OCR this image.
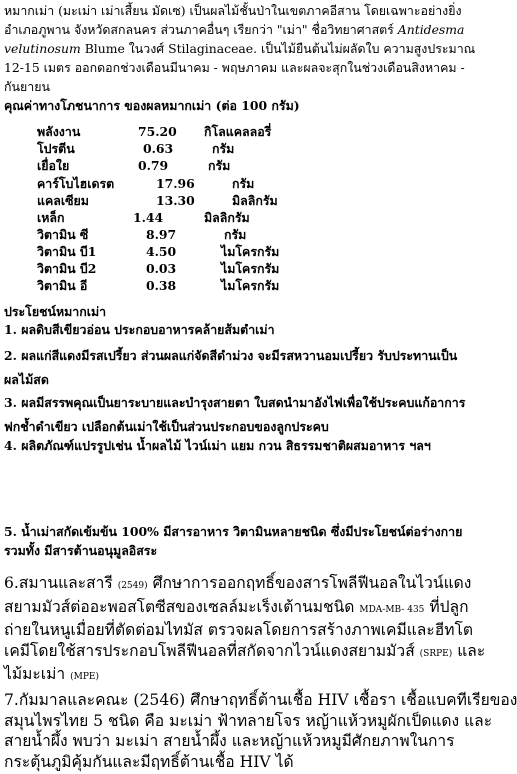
หมากเม่า (มะเม่า เม่าเสี้ยน มัดเซ) เป็นผลไม้ชั้นป่าในเขตภาคอีสาน โดยเฉพาะอย่างยิ่ง
อำเภอภูพาน จังหวัดสกลนคร ส่วนภาคอื่นๆ เรียกว่า "เม่า" ชื่อวิทยาศาสตร์ Antidesma
velutinosum Blume ในวงศ์ Stilaginaceae. เป็นไม้ยืนต้นไม่ผลัดใบ ความสูงประมาณ
12-15 เมตร ออกดอกช่วงเดือนมีนาคม - พฤษภาคม และผลจะสุกในช่วงเดือนสิงหาคม -
กันยายน

คุณค่าทางโภชนาการ ของผลหมากเม่า (ต่อ 100 กรัม)
พลังงาน	75.20 กิโลแคลลอรี่
โปรตีน	0.63	กรัม
เยื่อใย	0.79	กรัม
คาร์โบไฮเดรต	17.96	กรัม
แคลเซียม	13.30	มิลลิกรัม
เหล็ก	1.44	มิลลิกรัม
วิตามิน ซี	8.97	กรัม
วิตามิน บี1	4.50	ไมโครกรัม
วิตามิน บี2	0.03	ไมโครกรัม
วิตามิน อี	0.38	ไมโครกรัม
ประโยชน์หมากเม่า

1. ผลดิบสีเขียวอ่อน ประกอบอาหารคล้ายส้มตำเม่า

2. ผลแก่สีแดงมีรสเปรี้ยว ส่วนผลแก่จัดสีดำม่วง จะมีรสหวานอมเปรี้ยว รับประทานเป็น
ผลไม้สด

3. ผลมีสรรพคุณเป็นยาระบายและบำรุงสายตา ใบสดนำมาอังไฟเพื่อใช้ประคบแก้อาการ
ฟกช้ำดำเขียว เปลือกต้นเม่าใช้เป็นส่วนประกอบของลูกประคบ

4. ผลิตภัณฑ์แปรรูปเช่น น้ำผลไม้ ไวน์เม่า แยม กวน สิธรรมชาติผสมอาหาร ฯลฯ

5. น้ำเม่าสกัดเข้มข้น 100% มีสารอาหาร วิตามินหลายชนิด ซึ่งมีประโยชน์ต่อร่างกาย
รวมทั้ง มีสารต้านอนุมูลอิสระ

6.สมานและสารี (2549) ศึกษาการออกฤทธิ์ของสารโพลีฟีนอลในไวน์แดง
สยามมัวส์ต่ออะพอสโตซีสของเซลล์มะเร็งเต้านมชนิด MDA-MB- 435 ที่ปลูก
ถ่ายในหนูเมื่อยที่ตัดต่อมไทมัส ตรวจผลโดยการสร้างภาพเคมีและฮีทโต
เคมีโดยใช้สารประกอบโพลีฟีนอลที่สกัดจากไวน์แดงสยามมัวส์ (SRPE) และ
ไม้มะเม่า (MPE)

7.กัมมาลและคณะ (2546) ศึกษาฤทธิ์ต้านเชื้อ HIV เชื้อรา เชื้อแบคทีเรียของ
สมุนไพรไทย 5 ชนิด คือ มะเม่า ฟ้าทลายโจร หญ้าแห้วหมูผักเป็ดแดง และ
สายน้ำผึ้ง พบว่า มะเม่า สายน้ำผึ้ง และหญ้าแห้วหมูมีศักยภาพในการ
กระตุ้นภูมิคุ้มกันและมีฤทธิ์ต้านเชื้อ HIV ได้
